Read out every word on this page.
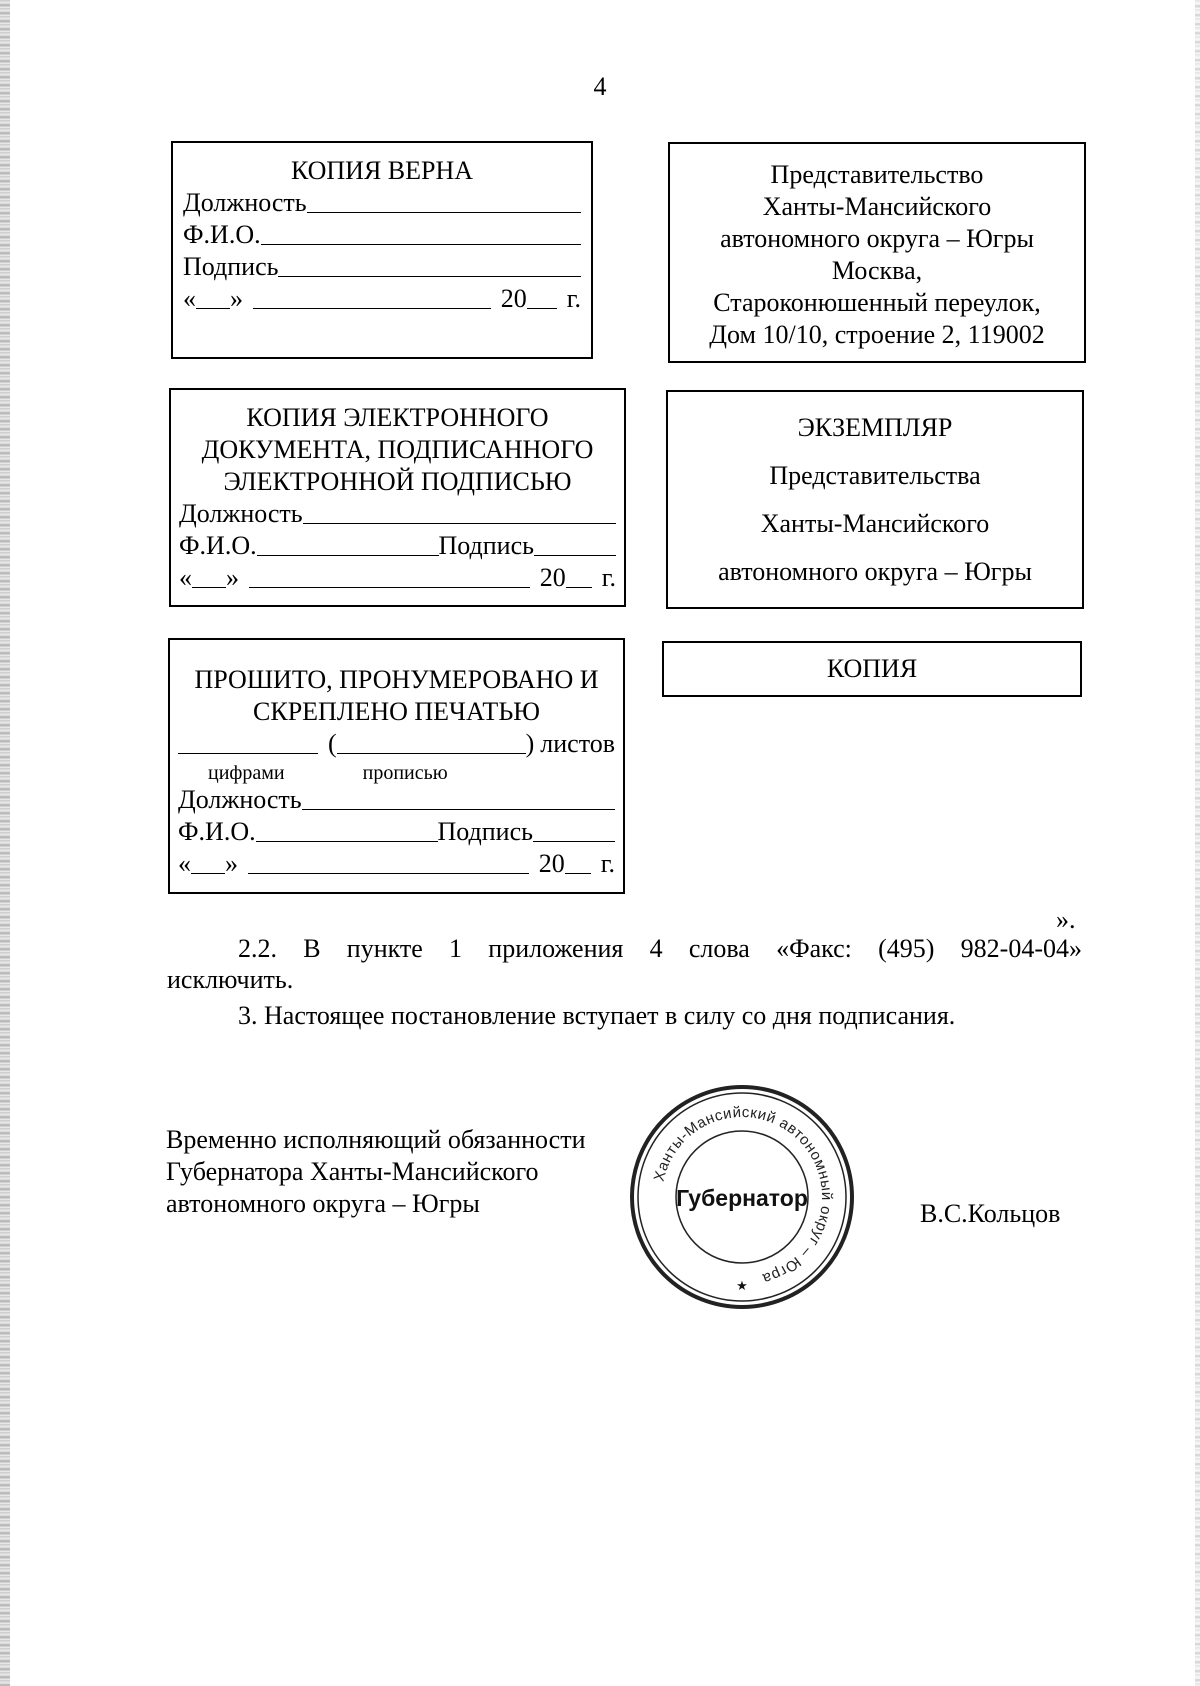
4
КОПИЯ ВЕРНА
Должность
Ф.И.О.
Подпись
« »	20 г.
Представительство
Ханты-Мансийского
автономного округа – Югры
Москва,
Староконюшенный переулок,
Дом 10/10, строение 2, 119002
КОПИЯ ЭЛЕКТРОННОГО
ДОКУМЕНТА, ПОДПИСАННОГО
ЭЛЕКТРОННОЙ ПОДПИСЬЮ
Должность
Ф.И.О.	Подпись
« »	20 г.
ЭКЗЕМПЛЯР
Представительства
Ханты-Мансийского
автономного округа – Югры
ПРОШИТО, ПРОНУМЕРОВАНО И
СКРЕПЛЕНО ПЕЧАТЬЮ
(	) листов
цифрами	прописью
Должность
Ф.И.О.	Подпись
« »	20 г.
КОПИЯ
».
2.2. В пункте 1 приложения 4 слова «Факс: (495) 982-04-04»
исключить.
3. Настоящее постановление вступает в силу со дня подписания.
Временно исполняющий обязанности
Губернатора Ханты-Мансийского
автономного округа – Югры	В.С.Кольцов
Ханты-Мансийский автономный округ – Югра
Губернатор
★
